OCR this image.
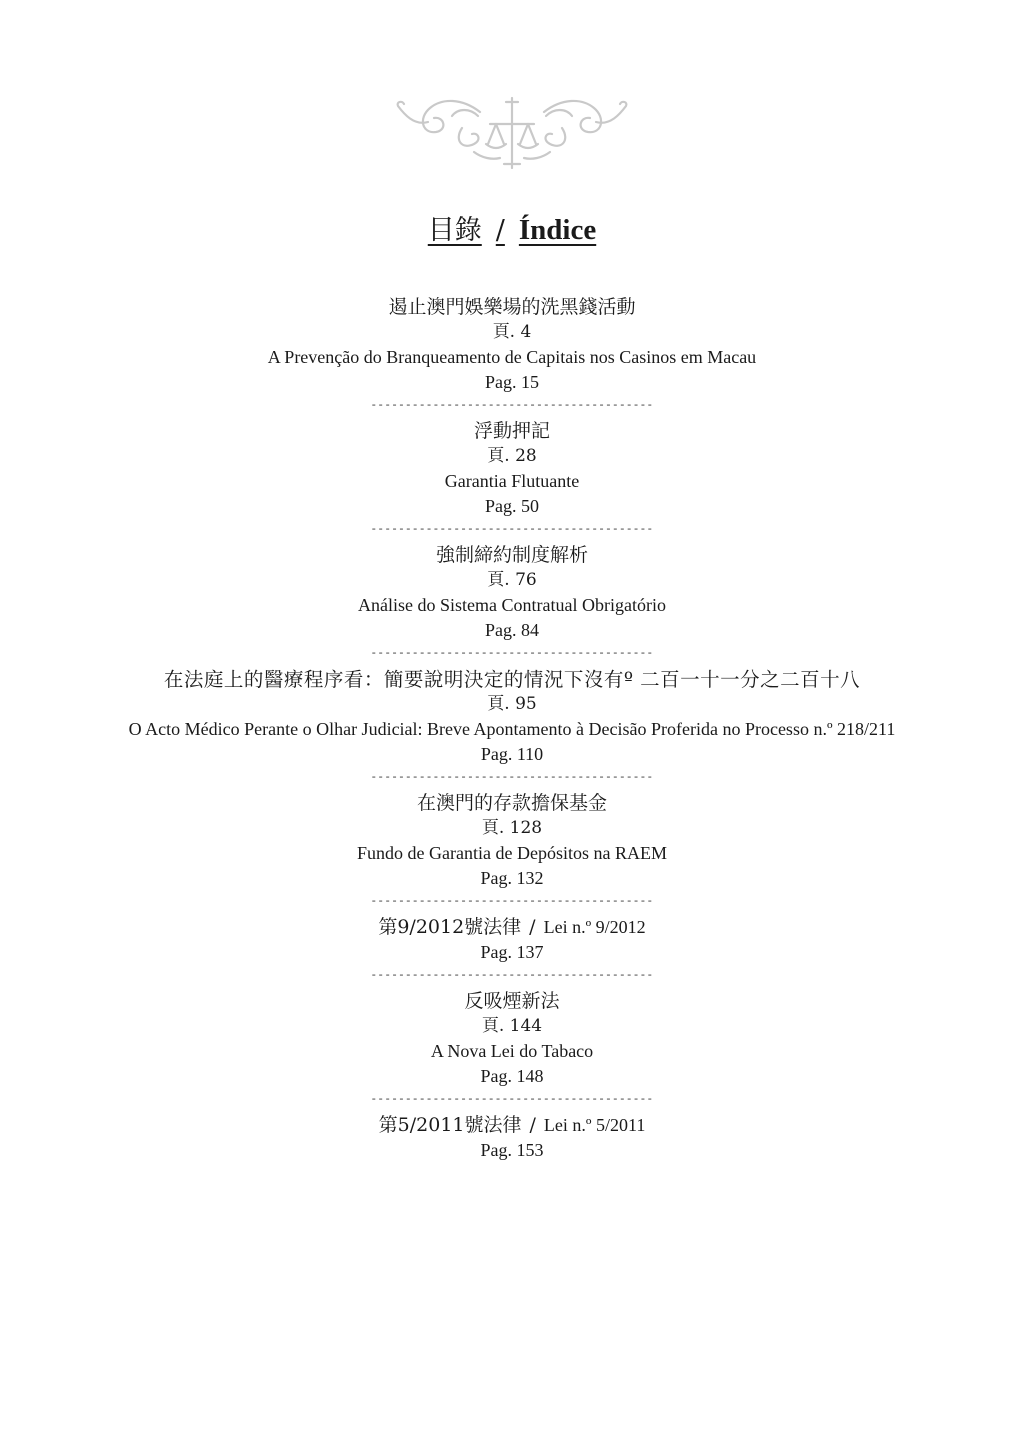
目錄 / Índice
遏止澳門娛樂場的洗黑錢活動
頁. 4
A Prevenção do Branqueamento de Capitais nos Casinos em Macau
Pag. 15
-----------------------------------------
浮動押記
頁. 28
Garantia Flutuante
Pag. 50
-----------------------------------------
強制締約制度解析
頁. 76
Análise do Sistema Contratual Obrigatório
Pag. 84
-----------------------------------------
在法庭上的醫療程序看：簡要說明決定的情況下沒有º 二百一十一分之二百十八
頁. 95
O Acto Médico Perante o Olhar Judicial: Breve Apontamento à Decisão Proferida no Processo n.º 218/211
Pag. 110
-----------------------------------------
在澳門的存款擔保基金
頁. 128
Fundo de Garantia de Depósitos na RAEM
Pag. 132
-----------------------------------------
第9/2012號法律 / Lei n.º 9/2012
Pag. 137
-----------------------------------------
反吸煙新法
頁. 144
A Nova Lei do Tabaco
Pag. 148
-----------------------------------------
第5/2011號法律 / Lei n.º 5/2011
Pag. 153
